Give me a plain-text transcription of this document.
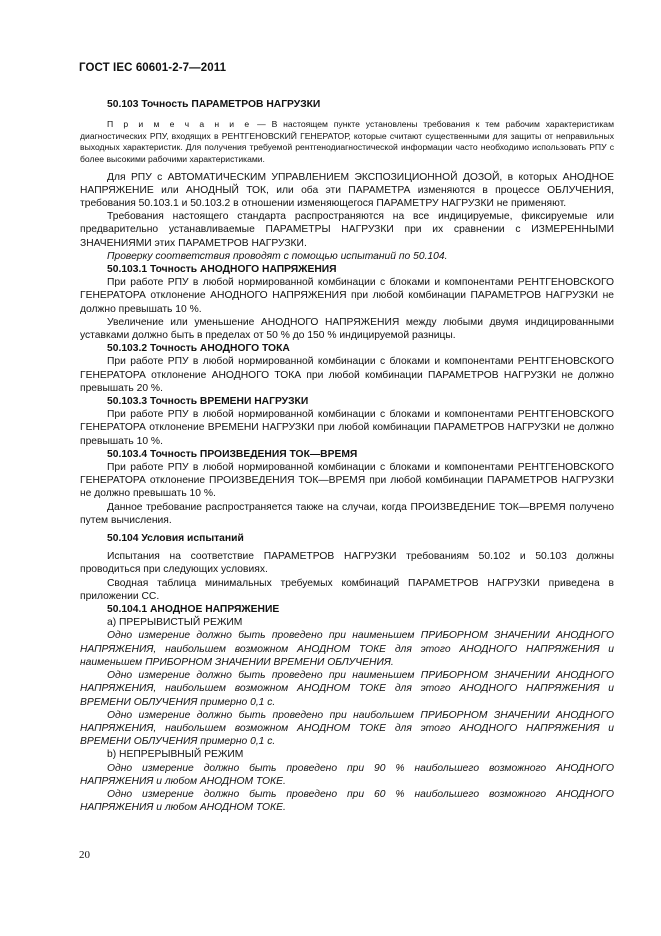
ГОСТ IEC 60601-2-7—2011

50.103 Точность ПАРАМЕТРОВ НАГРУЗКИ

П р и м е ч а н и е — В настоящем пункте установлены требования к тем рабочим характеристикам диагностических РПУ, входящих в РЕНТГЕНОВСКИЙ ГЕНЕРАТОР, которые считают существенными для защиты от неправильных выходных характеристик. Для получения требуемой рентгенодиагностической информации часто необходимо использовать РПУ с более высокими рабочими характеристиками.

Для РПУ с АВТОМАТИЧЕСКИМ УПРАВЛЕНИЕМ ЭКСПОЗИЦИОННОЙ ДОЗОЙ, в которых АНОДНОЕ НАПРЯЖЕНИЕ или АНОДНЫЙ ТОК, или оба эти ПАРАМЕТРА изменяются в процессе ОБЛУЧЕНИЯ, требования 50.103.1 и 50.103.2 в отношении изменяющегося ПАРАМЕТРУ НАГРУЗКИ не применяют.

Требования настоящего стандарта распространяются на все индицируемые, фиксируемые или предварительно устанавливаемые ПАРАМЕТРЫ НАГРУЗКИ при их сравнении с ИЗМЕРЕННЫМИ ЗНАЧЕНИЯМИ этих ПАРАМЕТРОВ НАГРУЗКИ.

Проверку соответствия проводят с помощью испытаний по 50.104.

50.103.1 Точность АНОДНОГО НАПРЯЖЕНИЯ

При работе РПУ в любой нормированной комбинации с блоками и компонентами РЕНТГЕНОВСКОГО ГЕНЕРАТОРА отклонение АНОДНОГО НАПРЯЖЕНИЯ при любой комбинации ПАРАМЕТРОВ НАГРУЗКИ не должно превышать 10 %.

Увеличение или уменьшение АНОДНОГО НАПРЯЖЕНИЯ между любыми двумя индицированными уставками должно быть в пределах от 50 % до 150 % индицируемой разницы.

50.103.2 Точность АНОДНОГО ТОКА

При работе РПУ в любой нормированной комбинации с блоками и компонентами РЕНТГЕНОВСКОГО ГЕНЕРАТОРА отклонение АНОДНОГО ТОКА при любой комбинации ПАРАМЕТРОВ НАГРУЗКИ не должно превышать 20 %.

50.103.3 Точность ВРЕМЕНИ НАГРУЗКИ

При работе РПУ в любой нормированной комбинации с блоками и компонентами РЕНТГЕНОВСКОГО ГЕНЕРАТОРА отклонение ВРЕМЕНИ НАГРУЗКИ при любой комбинации ПАРАМЕТРОВ НАГРУЗКИ не должно превышать 10 %.

50.103.4 Точность ПРОИЗВЕДЕНИЯ ТОК—ВРЕМЯ

При работе РПУ в любой нормированной комбинации с блоками и компонентами РЕНТГЕНОВСКОГО ГЕНЕРАТОРА отклонение ПРОИЗВЕДЕНИЯ ТОК—ВРЕМЯ при любой комбинации ПАРАМЕТРОВ НАГРУЗКИ не должно превышать 10 %.

Данное требование распространяется также на случаи, когда ПРОИЗВЕДЕНИЕ ТОК—ВРЕМЯ получено путем вычисления.

50.104 Условия испытаний

Испытания на соответствие ПАРАМЕТРОВ НАГРУЗКИ требованиям 50.102 и 50.103 должны проводиться при следующих условиях.

Сводная таблица минимальных требуемых комбинаций ПАРАМЕТРОВ НАГРУЗКИ приведена в приложении СС.

50.104.1 АНОДНОЕ НАПРЯЖЕНИЕ

а) ПРЕРЫВИСТЫЙ РЕЖИМ

Одно измерение должно быть проведено при наименьшем ПРИБОРНОМ ЗНАЧЕНИИ АНОДНОГО НАПРЯЖЕНИЯ, наибольшем возможном АНОДНОМ ТОКЕ для этого АНОДНОГО НАПРЯЖЕНИЯ и наименьшем ПРИБОРНОМ ЗНАЧЕНИИ ВРЕМЕНИ ОБЛУЧЕНИЯ.

Одно измерение должно быть проведено при наименьшем ПРИБОРНОМ ЗНАЧЕНИИ АНОДНОГО НАПРЯЖЕНИЯ, наибольшем возможном АНОДНОМ ТОКЕ для этого АНОДНОГО НАПРЯЖЕНИЯ и ВРЕМЕНИ ОБЛУЧЕНИЯ примерно 0,1 с.

Одно измерение должно быть проведено при наибольшем ПРИБОРНОМ ЗНАЧЕНИИ АНОДНОГО НАПРЯЖЕНИЯ, наибольшем возможном АНОДНОМ ТОКЕ для этого АНОДНОГО НАПРЯЖЕНИЯ и ВРЕМЕНИ ОБЛУЧЕНИЯ примерно 0,1 с.

b) НЕПРЕРЫВНЫЙ РЕЖИМ

Одно измерение должно быть проведено при 90 % наибольшего возможного АНОДНОГО НАПРЯЖЕНИЯ и любом АНОДНОМ ТОКЕ.

Одно измерение должно быть проведено при 60 % наибольшего возможного АНОДНОГО НАПРЯЖЕНИЯ и любом АНОДНОМ ТОКЕ.

20
